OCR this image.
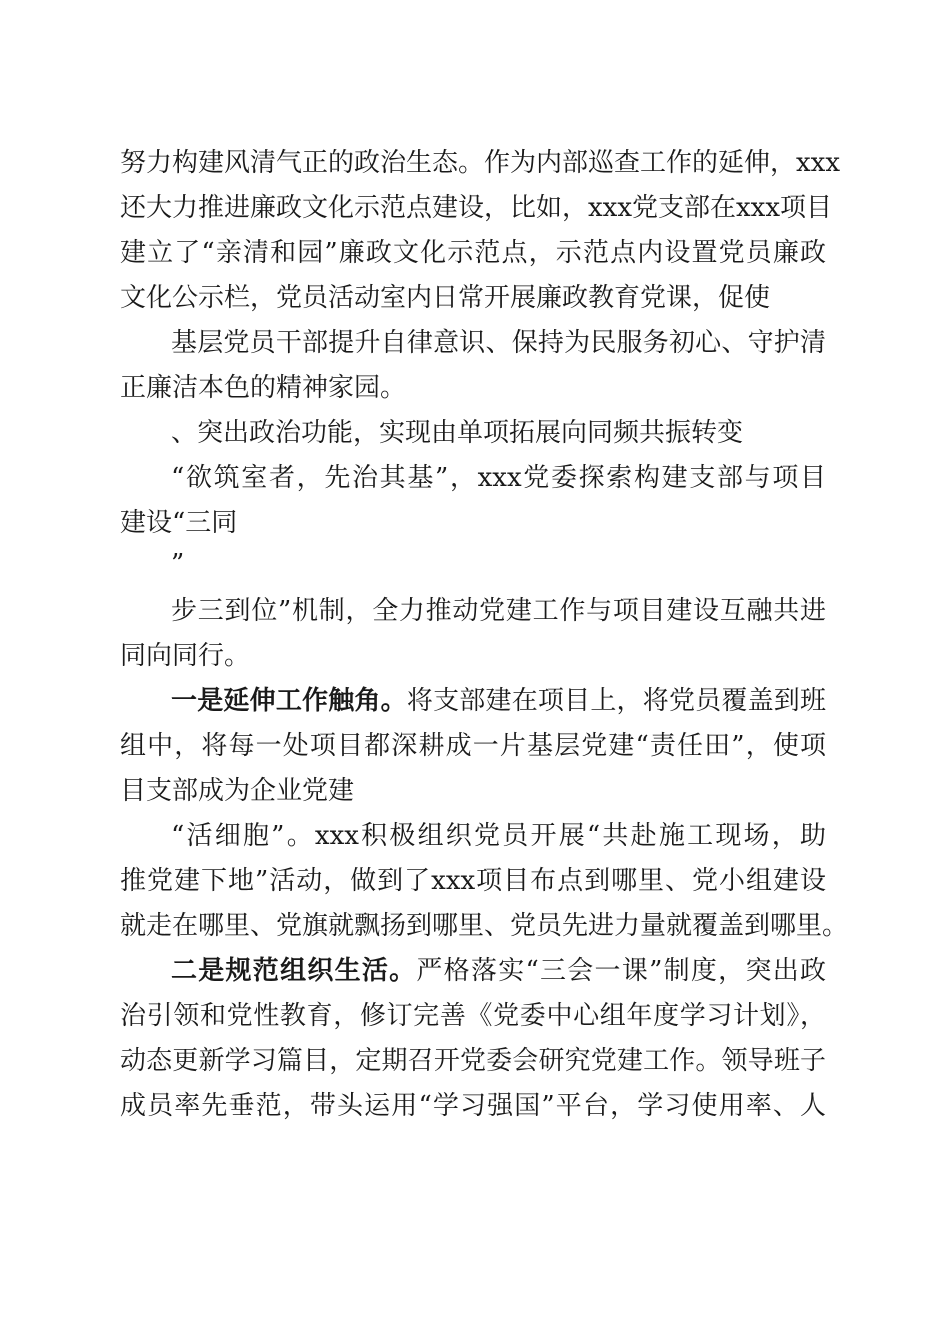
努力构建风清气正的政治生态。作为内部巡查工作的延伸，xxx
还大力推进廉政文化示范点建设，比如，xxx党支部在xxx项目
建立了“亲清和园”廉政文化示范点，示范点内设置党员廉政
文化公示栏，党员活动室内日常开展廉政教育党课，促使
基层党员干部提升自律意识、保持为民服务初心、守护清
正廉洁本色的精神家园。
、突出政治功能，实现由单项拓展向同频共振转变
“欲筑室者，先治其基”，xxx党委探索构建支部与项目
建设“三同
”
步三到位”机制，全力推动党建工作与项目建设互融共进
同向同行。
一是延伸工作触角。将支部建在项目上，将党员覆盖到班
组中，将每一处项目都深耕成一片基层党建“责任田”，使项
目支部成为企业党建
“活细胞”。xxx积极组织党员开展“共赴施工现场，助
推党建下地”活动，做到了xxx项目布点到哪里、党小组建设
就走在哪里、党旗就飘扬到哪里、党员先进力量就覆盖到哪里。
二是规范组织生活。严格落实“三会一课”制度，突出政
治引领和党性教育，修订完善《党委中心组年度学习计划》，
动态更新学习篇目，定期召开党委会研究党建工作。领导班子
成员率先垂范，带头运用“学习强国”平台，学习使用率、人
